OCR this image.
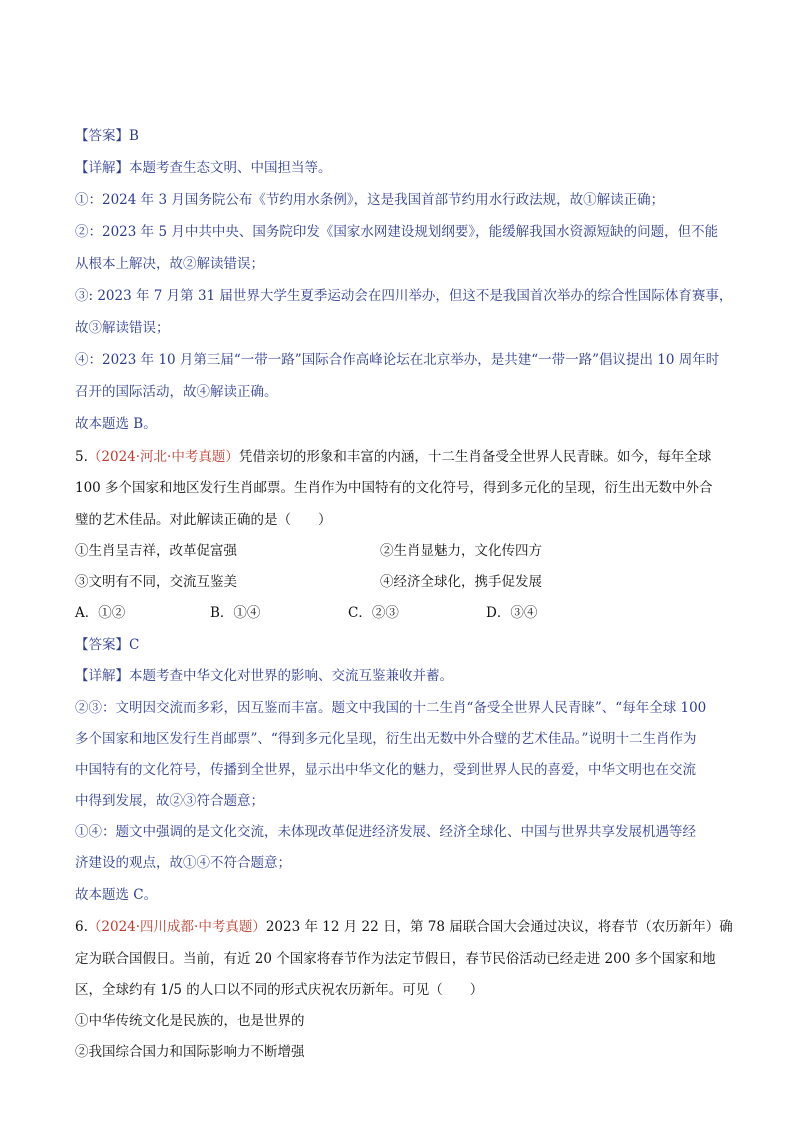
【答案】B
【详解】本题考查生态文明、中国担当等。
①：2024 年 3 月国务院公布《节约用水条例》，这是我国首部节约用水行政法规，故①解读正确；
②：2023 年 5 月中共中央、国务院印发《国家水网建设规划纲要》，能缓解我国水资源短缺的问题，但不能
从根本上解决，故②解读错误；
③: 2023 年 7 月第 31 届世界大学生夏季运动会在四川举办，但这不是我国首次举办的综合性国际体育赛事，
故③解读错误；
④：2023 年 10 月第三届“一带一路”国际合作高峰论坛在北京举办，是共建“一带一路”倡议提出 10 周年时
召开的国际活动，故④解读正确。
故本题选 B。
5.（2024·河北·中考真题）凭借亲切的形象和丰富的内涵，十二生肖备受全世界人民青睐。如今，每年全球
100 多个国家和地区发行生肖邮票。生肖作为中国特有的文化符号，得到多元化的呈现，衍生出无数中外合
璧的艺术佳品。对此解读正确的是（　　）
①生肖呈吉祥，改革促富强	②生肖显魅力，文化传四方
③文明有不同，交流互鉴美	④经济全球化，携手促发展
A．①②	B．①④	C．②③	D．③④
【答案】C
【详解】本题考查中华文化对世界的影响、交流互鉴兼收并蓄。
②③：文明因交流而多彩，因互鉴而丰富。题文中我国的十二生肖“备受全世界人民青睐”、“每年全球 100
多个国家和地区发行生肖邮票”、“得到多元化呈现，衍生出无数中外合璧的艺术佳品。”说明十二生肖作为
中国特有的文化符号，传播到全世界，显示出中华文化的魅力，受到世界人民的喜爱，中华文明也在交流
中得到发展，故②③符合题意；
①④：题文中强调的是文化交流，未体现改革促进经济发展、经济全球化、中国与世界共享发展机遇等经
济建设的观点，故①④不符合题意；
故本题选 C。
6.（2024·四川成都·中考真题）2023 年 12 月 22 日，第 78 届联合国大会通过决议，将春节（农历新年）确
定为联合国假日。当前，有近 20 个国家将春节作为法定节假日，春节民俗活动已经走进 200 多个国家和地
区，全球约有 1/5 的人口以不同的形式庆祝农历新年。可见（　　）
①中华传统文化是民族的，也是世界的
②我国综合国力和国际影响力不断增强
